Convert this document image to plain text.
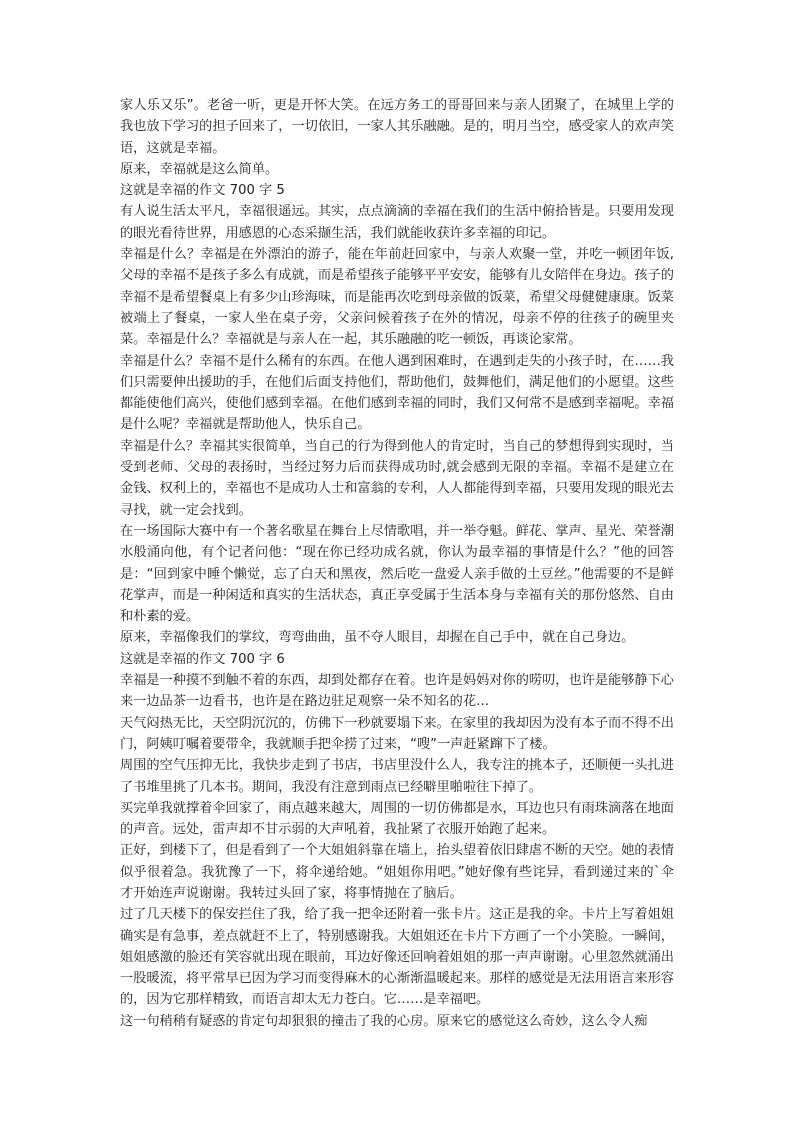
家人乐又乐”。老爸一听，更是开怀大笑。在远方务工的哥哥回来与亲人团聚了，在城里上学的我也放下学习的担子回来了，一切依旧，一家人其乐融融。是的，明月当空，感受家人的欢声笑语，这就是幸福。

原来，幸福就是这么简单。

这就是幸福的作文 700 字 5

有人说生活太平凡，幸福很遥远。其实，点点滴滴的幸福在我们的生活中俯拾皆是。只要用发现的眼光看待世界，用感恩的心态采撷生活，我们就能收获许多幸福的印记。

幸福是什么？幸福是在外漂泊的游子，能在年前赶回家中，与亲人欢聚一堂，并吃一顿团年饭,父母的幸福不是孩子多么有成就，而是希望孩子能够平平安安，能够有儿女陪伴在身边。孩子的幸福不是希望餐桌上有多少山珍海味，而是能再次吃到母亲做的饭菜，希望父母健健康康。饭菜被端上了餐桌，一家人坐在桌子旁，父亲问候着孩子在外的情况，母亲不停的往孩子的碗里夹菜。幸福是什么？幸福就是与亲人在一起，其乐融融的吃一顿饭，再谈论家常。

幸福是什么？幸福不是什么稀有的东西。在他人遇到困难时，在遇到走失的小孩子时，在……我们只需要伸出援助的手，在他们后面支持他们，帮助他们，鼓舞他们，满足他们的小愿望。这些都能使他们高兴，使他们感到幸福。在他们感到幸福的同时，我们又何常不是感到幸福呢。幸福是什么呢？幸福就是帮助他人，快乐自己。

幸福是什么？幸福其实很简单，当自己的行为得到他人的肯定时，当自己的梦想得到实现时，当受到老师、父母的表扬时，当经过努力后而获得成功时,就会感到无限的幸福。幸福不是建立在金钱、权利上的，幸福也不是成功人士和富翁的专利，人人都能得到幸福，只要用发现的眼光去寻找，就一定会找到。

在一场国际大赛中有一个著名歌星在舞台上尽情歌唱，并一举夺魁。鲜花、掌声、星光、荣誉潮水般涌向他，有个记者问他：“现在你已经功成名就，你认为最幸福的事情是什么？”他的回答是：“回到家中睡个懒觉，忘了白天和黑夜，然后吃一盘爱人亲手做的土豆丝。”他需要的不是鲜花掌声，而是一种闲适和真实的生活状态，真正享受属于生活本身与幸福有关的那份悠然、自由和朴素的爱。

原来，幸福像我们的掌纹，弯弯曲曲，虽不夺人眼目，却握在自己手中，就在自己身边。

这就是幸福的作文 700 字 6

幸福是一种摸不到触不着的东西，却到处都存在着。也许是妈妈对你的唠叨，也许是能够静下心来一边品茶一边看书，也许是在路边驻足观察一朵不知名的花…

天气闷热无比，天空阴沉沉的，仿佛下一秒就要塌下来。在家里的我却因为没有本子而不得不出门，阿姨叮嘱着要带伞，我就顺手把伞捞了过来，“嗖”一声赶紧蹿下了楼。

周围的空气压抑无比，我快步走到了书店，书店里没什么人，我专注的挑本子，还顺便一头扎进了书堆里挑了几本书。期间，我没有注意到雨点已经噼里啪啦往下掉了。

买完单我就撑着伞回家了，雨点越来越大，周围的一切仿佛都是水，耳边也只有雨珠滴落在地面的声音。远处，雷声却不甘示弱的大声吼着，我扯紧了衣服开始跑了起来。

正好，到楼下了，但是看到了一个大姐姐斜靠在墙上，抬头望着依旧肆虐不断的天空。她的表情似乎很着急。我犹豫了一下，将伞递给她。“姐姐你用吧。”她好像有些诧异，看到递过来的`伞才开始连声说谢谢。我转过头回了家，将事情抛在了脑后。

过了几天楼下的保安拦住了我，给了我一把伞还附着一张卡片。这正是我的伞。卡片上写着姐姐确实是有急事，差点就赶不上了，特别感谢我。大姐姐还在卡片下方画了一个小笑脸。一瞬间，姐姐感激的脸还有笑容就出现在眼前，耳边好像还回响着姐姐的那一声声谢谢。心里忽然就涌出一股暖流，将平常早已因为学习而变得麻木的心渐渐温暖起来。那样的感觉是无法用语言来形容的，因为它那样精致，而语言却太无力苍白。它……是幸福吧。

这一句稍稍有疑惑的肯定句却狠狠的撞击了我的心房。原来它的感觉这么奇妙，这么令人痴
